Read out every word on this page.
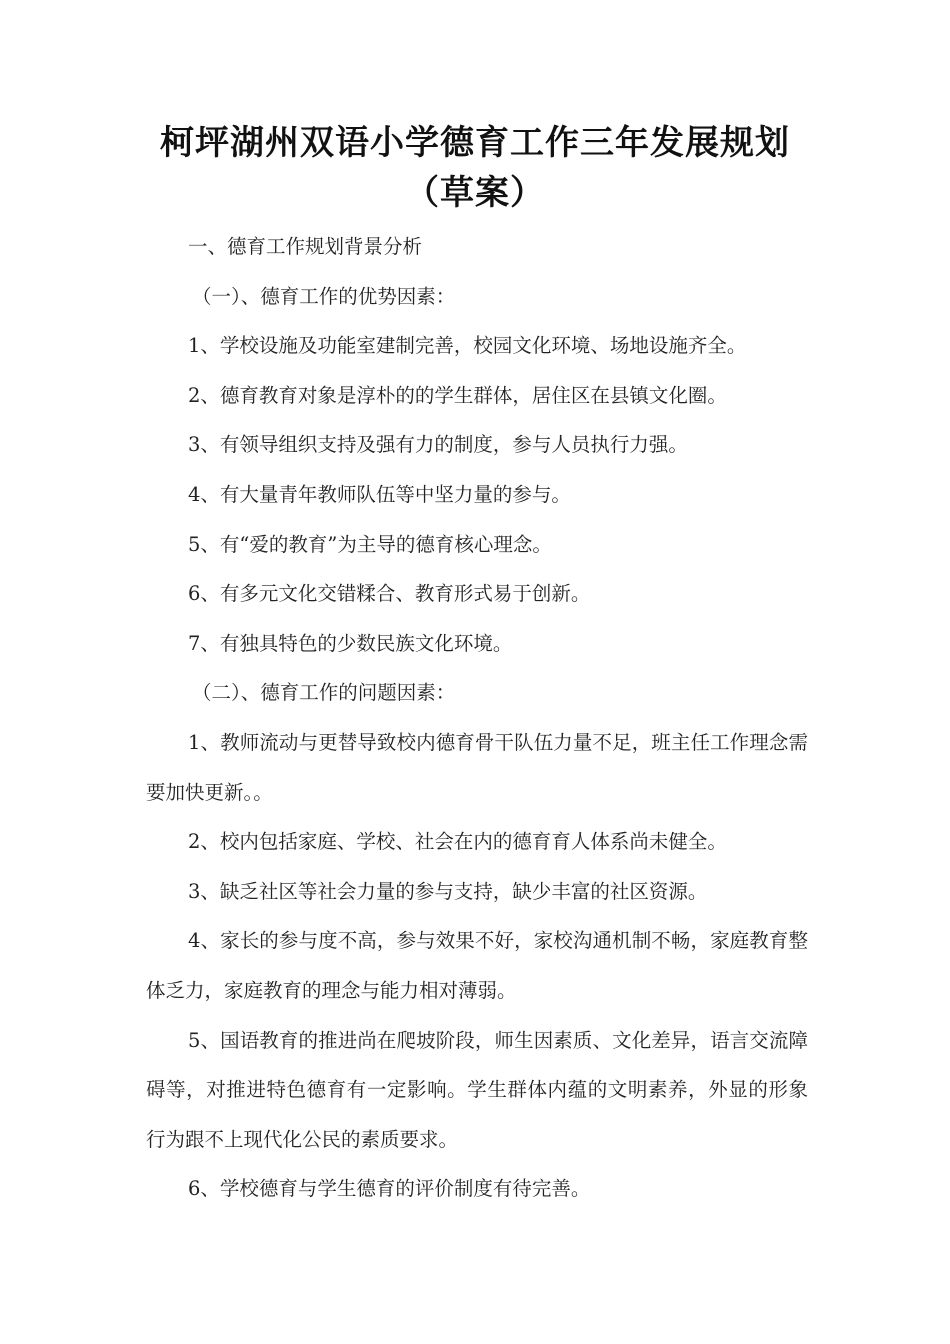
柯坪湖州双语小学德育工作三年发展规划
（草案）
一、德育工作规划背景分析
（一）、德育工作的优势因素：
1、学校设施及功能室建制完善，校园文化环境、场地设施齐全。
2、德育教育对象是淳朴的的学生群体，居住区在县镇文化圈。
3、有领导组织支持及强有力的制度，参与人员执行力强。
4、有大量青年教师队伍等中坚力量的参与。
5、有“爱的教育”为主导的德育核心理念。
6、有多元文化交错糅合、教育形式易于创新。
7、有独具特色的少数民族文化环境。
（二）、德育工作的问题因素：
1、教师流动与更替导致校内德育骨干队伍力量不足，班主任工作理念需要加快更新。。
2、校内包括家庭、学校、社会在内的德育育人体系尚未健全。
3、缺乏社区等社会力量的参与支持，缺少丰富的社区资源。
4、家长的参与度不高，参与效果不好，家校沟通机制不畅，家庭教育整体乏力，家庭教育的理念与能力相对薄弱。
5、国语教育的推进尚在爬坡阶段，师生因素质、文化差异，语言交流障碍等，对推进特色德育有一定影响。学生群体内蕴的文明素养，外显的形象行为跟不上现代化公民的素质要求。
6、学校德育与学生德育的评价制度有待完善。
